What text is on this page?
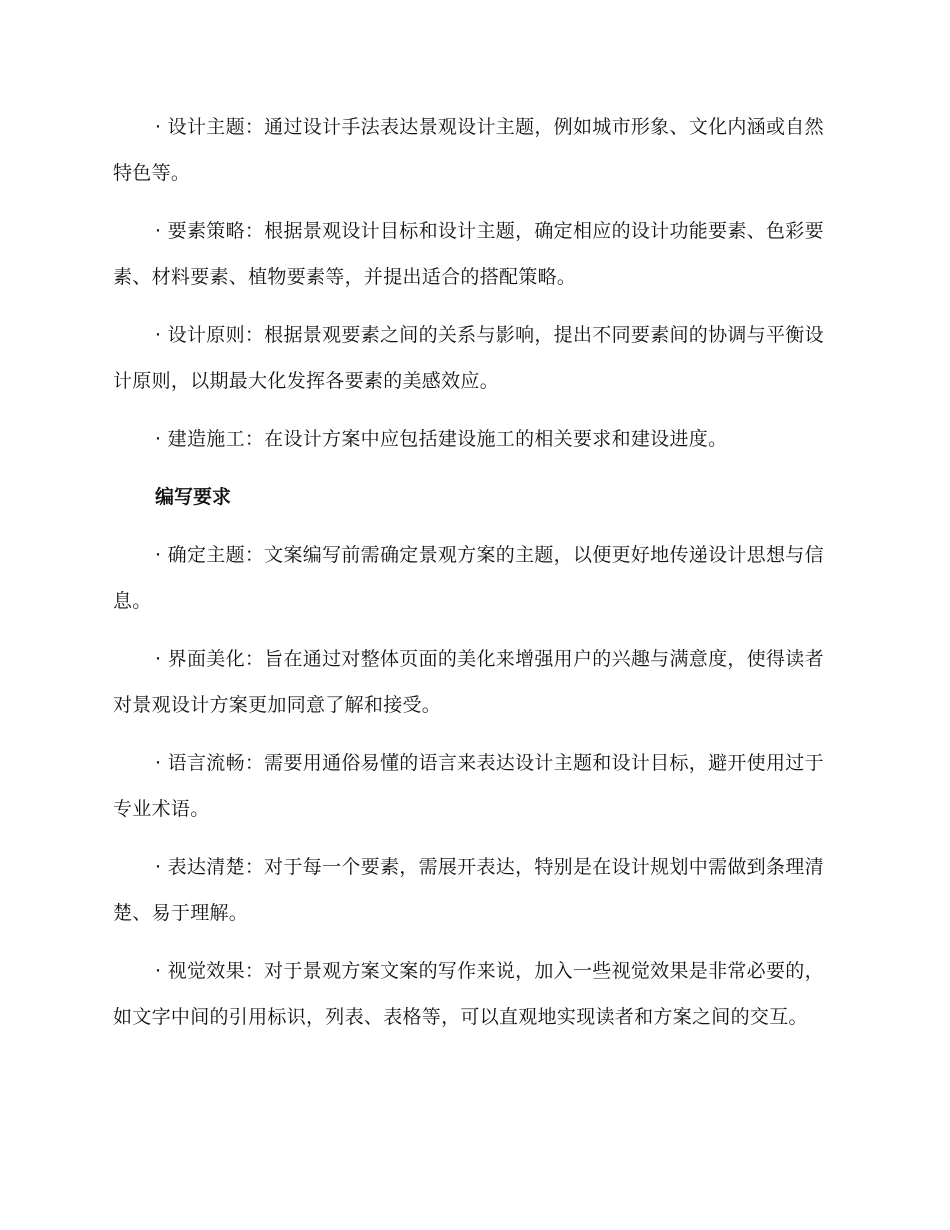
· 设计主题：通过设计手法表达景观设计主题，例如城市形象、文化内涵或自然特色等。

· 要素策略：根据景观设计目标和设计主题，确定相应的设计功能要素、色彩要素、材料要素、植物要素等，并提出适合的搭配策略。

· 设计原则：根据景观要素之间的关系与影响，提出不同要素间的协调与平衡设计原则，以期最大化发挥各要素的美感效应。

· 建造施工：在设计方案中应包括建设施工的相关要求和建设进度。

编写要求

· 确定主题：文案编写前需确定景观方案的主题，以便更好地传递设计思想与信息。

· 界面美化：旨在通过对整体页面的美化来增强用户的兴趣与满意度，使得读者对景观设计方案更加同意了解和接受。

· 语言流畅：需要用通俗易懂的语言来表达设计主题和设计目标，避开使用过于专业术语。

· 表达清楚：对于每一个要素，需展开表达，特别是在设计规划中需做到条理清楚、易于理解。

· 视觉效果：对于景观方案文案的写作来说，加入一些视觉效果是非常必要的，如文字中间的引用标识，列表、表格等，可以直观地实现读者和方案之间的交互。
